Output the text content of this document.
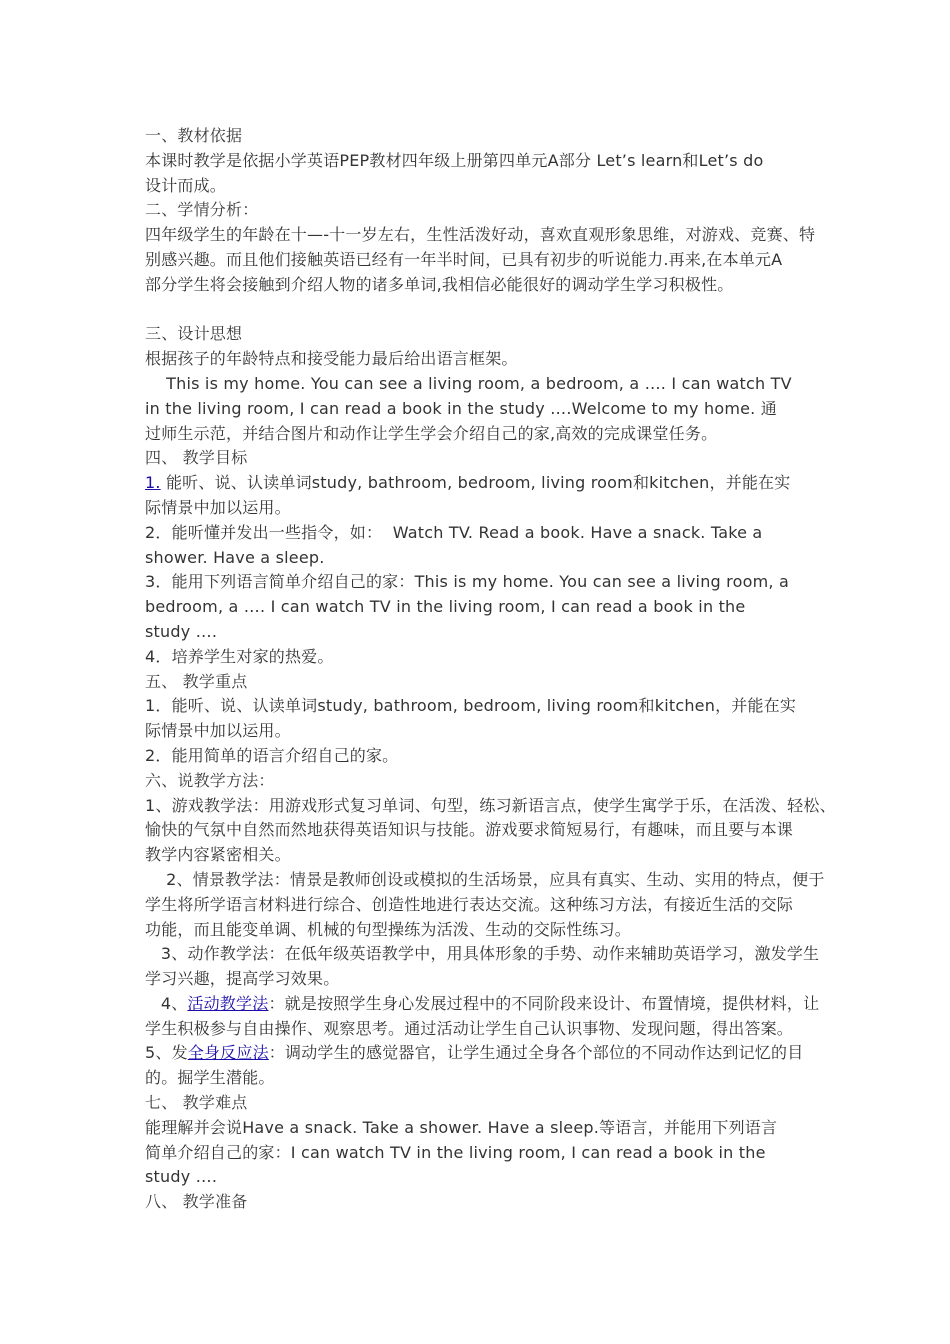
一、教材依据
本课时教学是依据小学英语PEP教材四年级上册第四单元A部分 Let’s learn和Let’s do
设计而成。
二、学情分析：
四年级学生的年龄在十—-十一岁左右，生性活泼好动，喜欢直观形象思维，对游戏、竞赛、特
别感兴趣。而且他们接触英语已经有一年半时间，已具有初步的听说能力.再来,在本单元A
部分学生将会接触到介绍人物的诸多单词,我相信必能很好的调动学生学习积极性。
三、设计思想
根据孩子的年龄特点和接受能力最后给出语言框架。
This is my home. You can see a living room, a bedroom, a …. I can watch TV
in the living room, I can read a book in the study ….Welcome to my home. 通
过师生示范，并结合图片和动作让学生学会介绍自己的家,高效的完成课堂任务。
四、 教学目标
1. 能听、说、认读单词study, bathroom, bedroom, living room和kitchen，并能在实
际情景中加以运用。
2．能听懂并发出一些指令，如：  Watch TV. Read a book. Have a snack. Take a
shower. Have a sleep.
3．能用下列语言简单介绍自己的家：This is my home. You can see a living room, a
bedroom, a …. I can watch TV in the living room, I can read a book in the
study ….
4．培养学生对家的热爱。
五、 教学重点
1．能听、说、认读单词study, bathroom, bedroom, living room和kitchen，并能在实
际情景中加以运用。
2．能用简单的语言介绍自己的家。
六、说教学方法：
1、游戏教学法：用游戏形式复习单词、句型，练习新语言点，使学生寓学于乐，在活泼、轻松、
愉快的气氛中自然而然地获得英语知识与技能。游戏要求简短易行，有趣味，而且要与本课
教学内容紧密相关。
2、情景教学法：情景是教师创设或模拟的生活场景，应具有真实、生动、实用的特点，便于
学生将所学语言材料进行综合、创造性地进行表达交流。这种练习方法，有接近生活的交际
功能，而且能变单调、机械的句型操练为活泼、生动的交际性练习。
3、动作教学法：在低年级英语教学中，用具体形象的手势、动作来辅助英语学习，激发学生
学习兴趣，提高学习效果。
4、活动教学法：就是按照学生身心发展过程中的不同阶段来设计、布置情境，提供材料，让
学生积极参与自由操作、观察思考。通过活动让学生自己认识事物、发现问题，得出答案。
5、发全身反应法：调动学生的感觉器官，让学生通过全身各个部位的不同动作达到记忆的目
的。掘学生潜能。
七、 教学难点
能理解并会说Have a snack. Take a shower. Have a sleep.等语言，并能用下列语言
简单介绍自己的家：I can watch TV in the living room, I can read a book in the
study ….
八、 教学准备
